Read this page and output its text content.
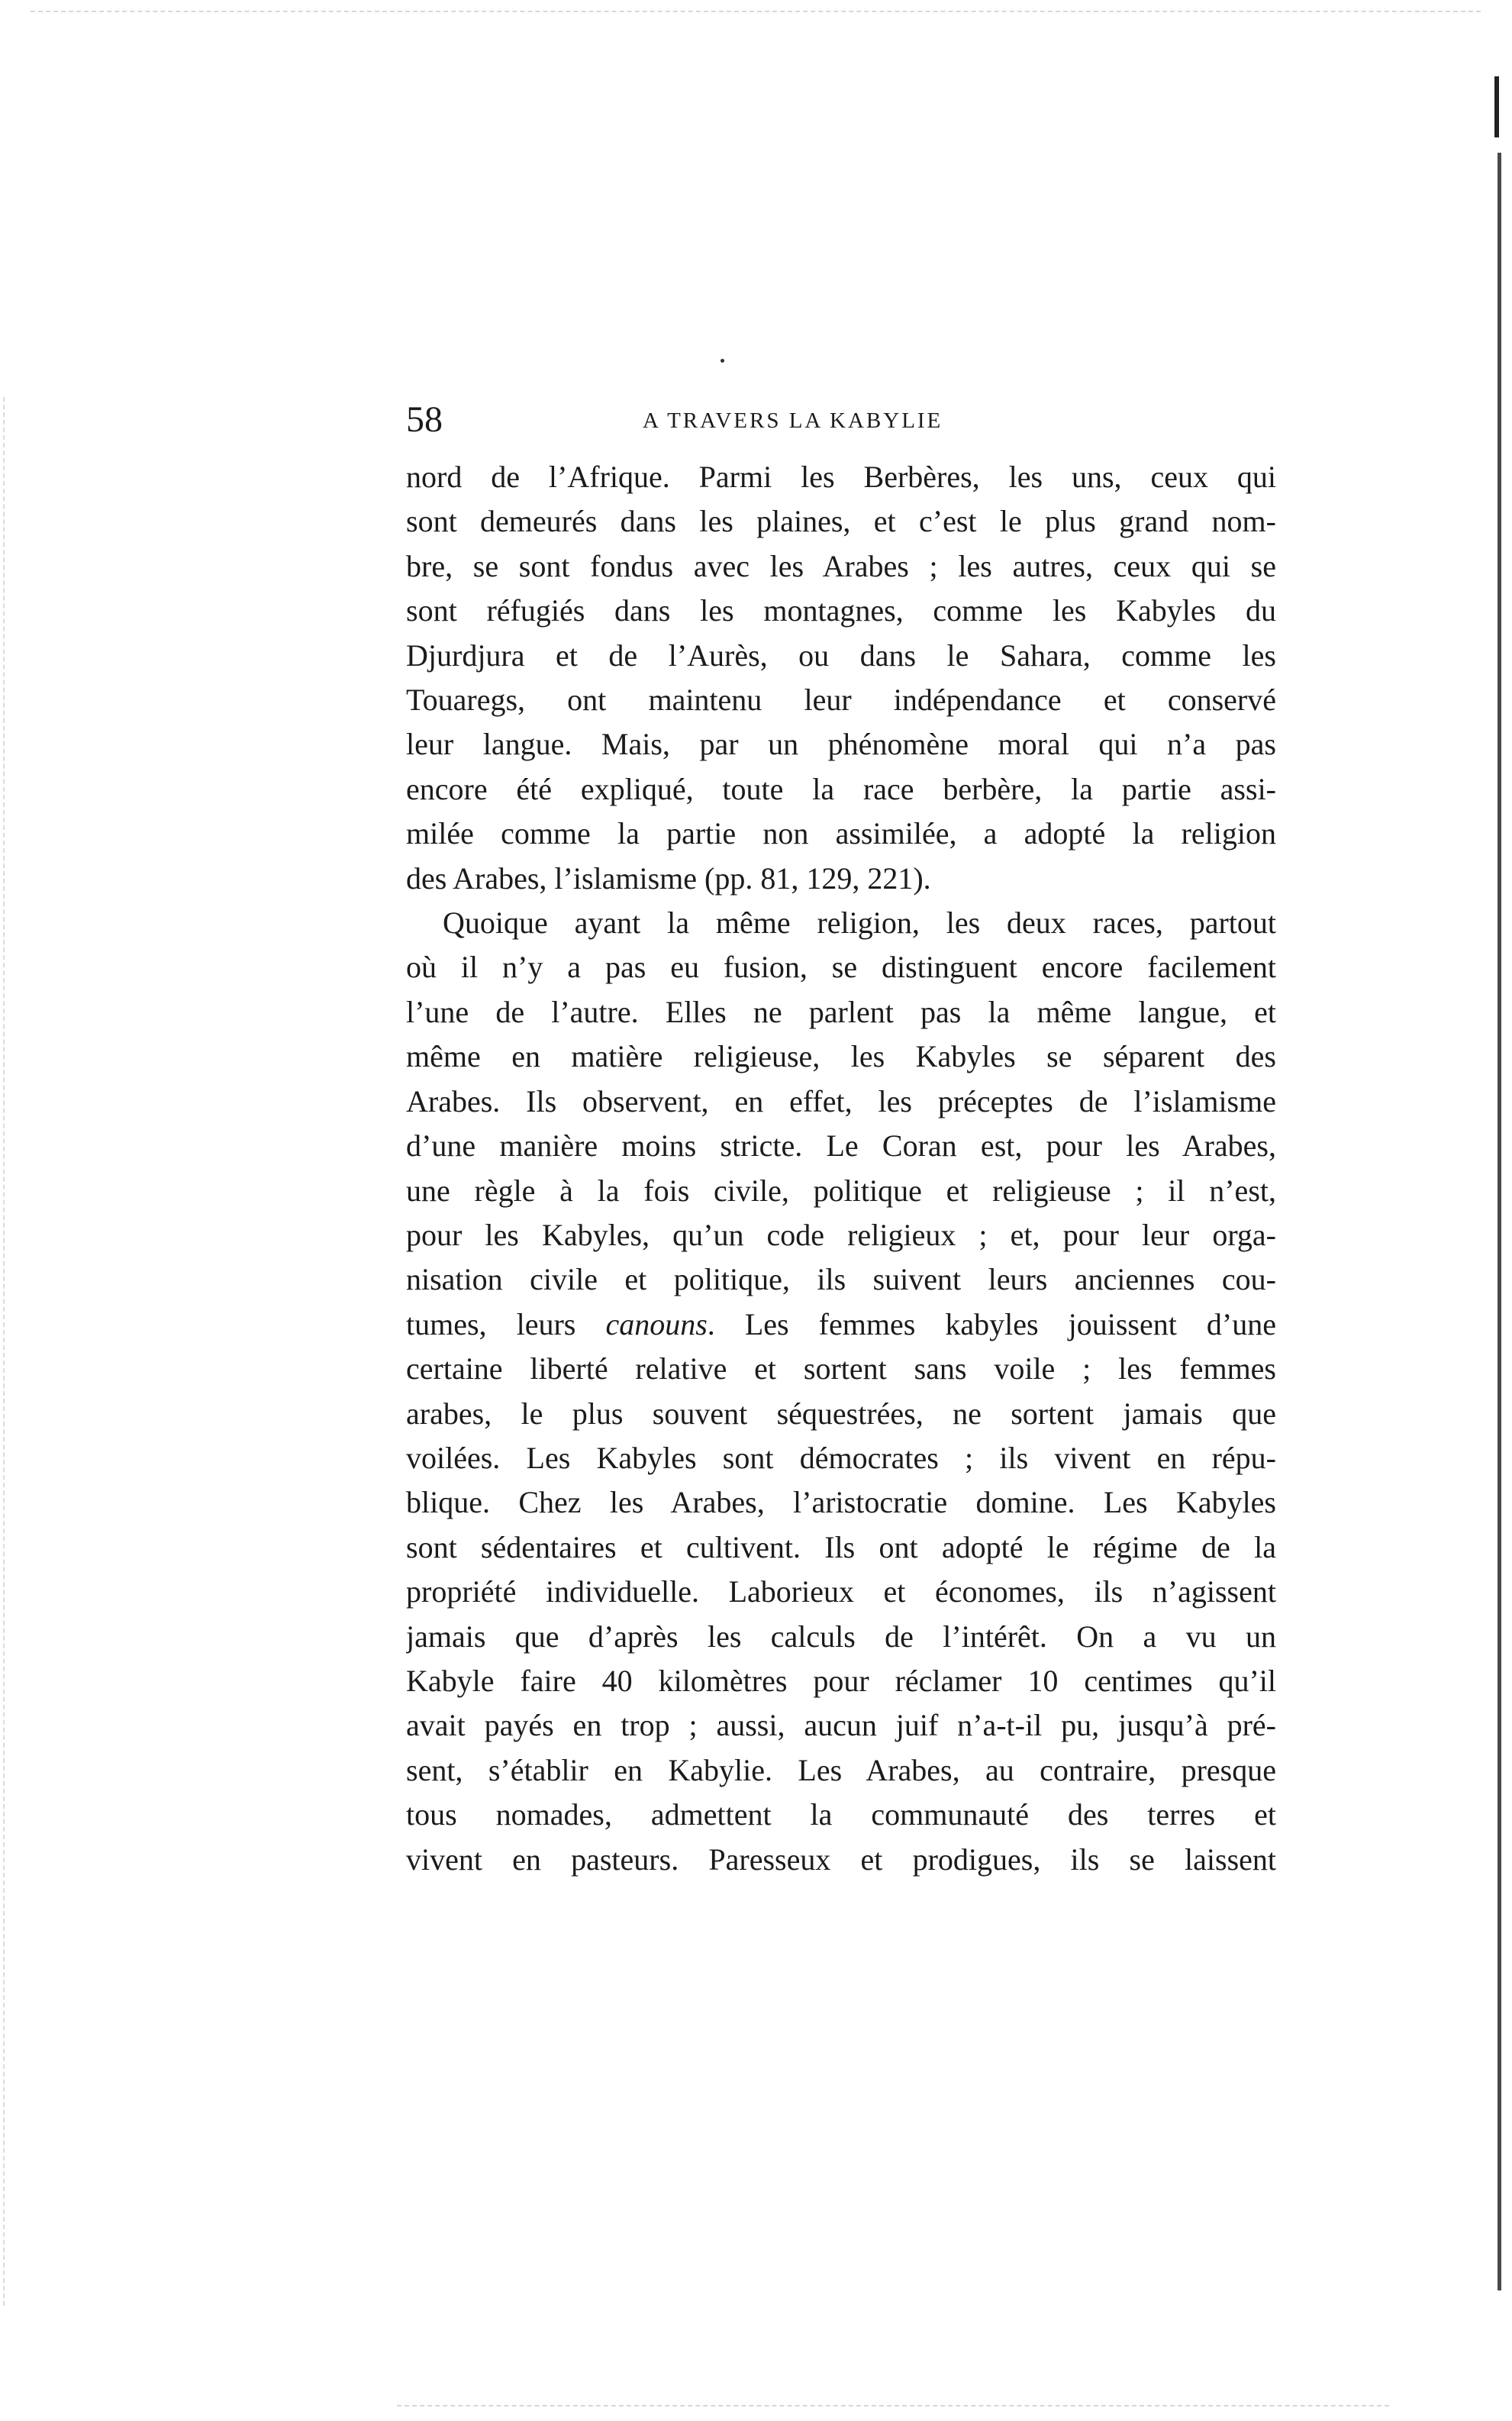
58	A TRAVERS LA KABYLIE

nord de l’Afrique. Parmi les Berbères, les uns, ceux qui
sont demeurés dans les plaines, et c’est le plus grand nom-
bre, se sont fondus avec les Arabes ; les autres, ceux qui se
sont réfugiés dans les montagnes, comme les Kabyles du
Djurdjura et de l’Aurès, ou dans le Sahara, comme les
Touaregs, ont maintenu leur indépendance et conservé
leur langue. Mais, par un phénomène moral qui n’a pas
encore été expliqué, toute la race berbère, la partie assi-
milée comme la partie non assimilée, a adopté la religion
des Arabes, l’islamisme (pp. 81, 129, 221).

Quoique ayant la même religion, les deux races, partout
où il n’y a pas eu fusion, se distinguent encore facilement
l’une de l’autre. Elles ne parlent pas la même langue, et
même en matière religieuse, les Kabyles se séparent des
Arabes. Ils observent, en effet, les préceptes de l’islamisme
d’une manière moins stricte. Le Coran est, pour les Arabes,
une règle à la fois civile, politique et religieuse ; il n’est,
pour les Kabyles, qu’un code religieux ; et, pour leur orga-
nisation civile et politique, ils suivent leurs anciennes cou-
tumes, leurs canouns. Les femmes kabyles jouissent d’une
certaine liberté relative et sortent sans voile ; les femmes
arabes, le plus souvent séquestrées, ne sortent jamais que
voilées. Les Kabyles sont démocrates ; ils vivent en répu-
blique. Chez les Arabes, l’aristocratie domine. Les Kabyles
sont sédentaires et cultivent. Ils ont adopté le régime de la
propriété individuelle. Laborieux et économes, ils n’agissent
jamais que d’après les calculs de l’intérêt. On a vu un
Kabyle faire 40 kilomètres pour réclamer 10 centimes qu’il
avait payés en trop ; aussi, aucun juif n’a-t-il pu, jusqu’à pré-
sent, s’établir en Kabylie. Les Arabes, au contraire, presque
tous nomades, admettent la communauté des terres et
vivent en pasteurs. Paresseux et prodigues, ils se laissent
